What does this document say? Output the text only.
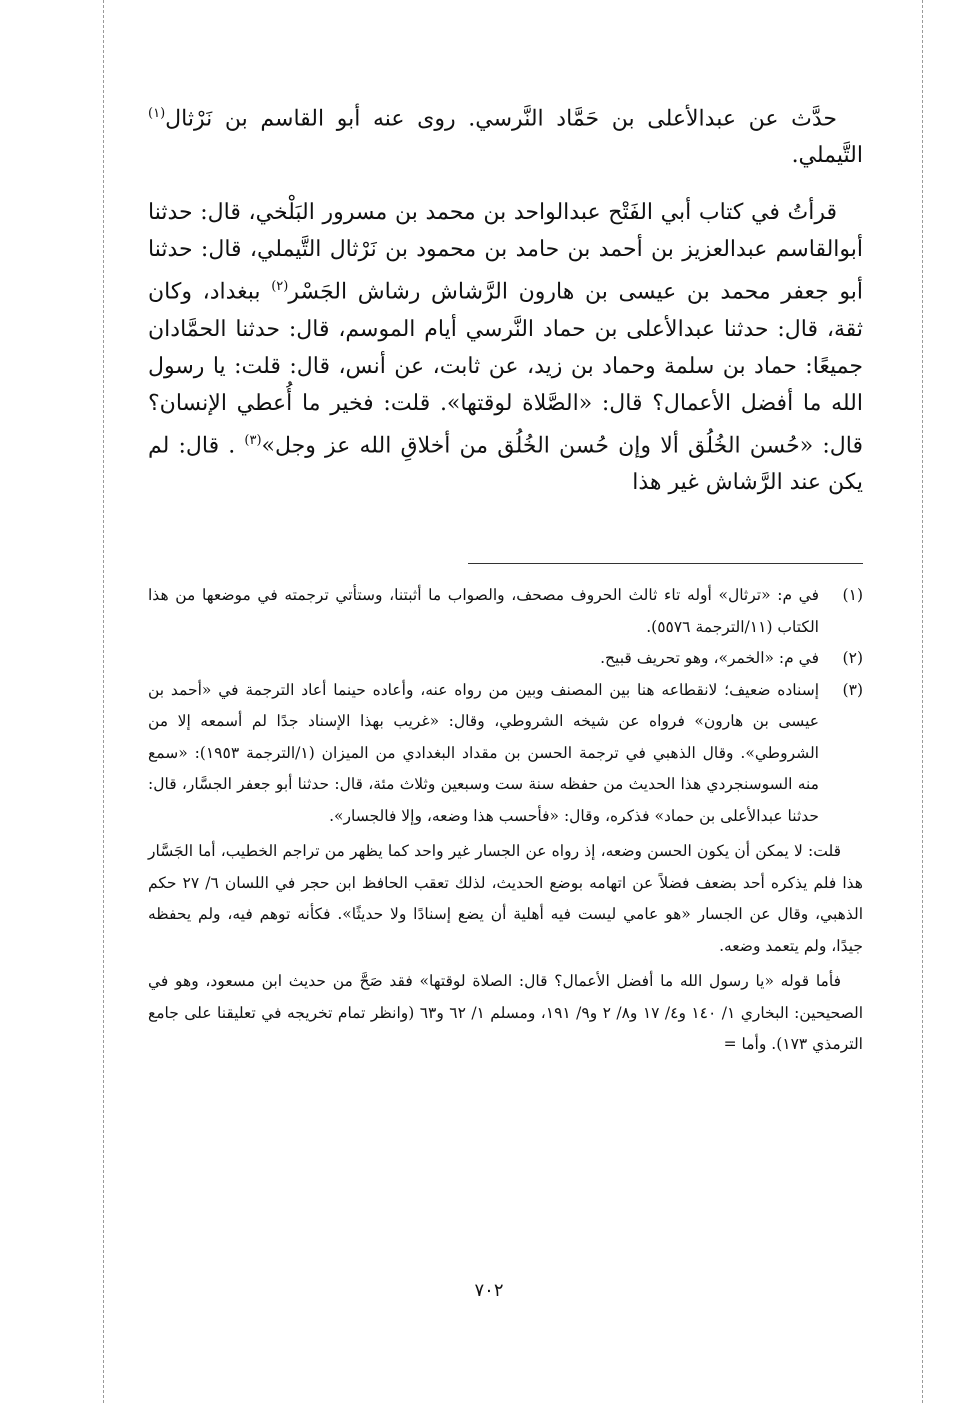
حدَّث عن عبدالأعلى بن حَمَّاد النَّرسي. روى عنه أبو القاسم بن نَرْثال$^{(١)}$ التَّيملي.

قرأتُ في كتاب أبي الفَتْح عبدالواحد بن محمد بن مسرور البَلْخي، قال: حدثنا أبوالقاسم عبدالعزيز بن أحمد بن حامد بن محمود بن نَرْثال التَّيملي، قال: حدثنا أبو جعفر محمد بن عيسى بن هارون الرَّشاش رشاش الجَسْر$^{(٢)}$ ببغداد، وكان ثقة، قال: حدثنا عبدالأعلى بن حماد النَّرسي أيام الموسم، قال: حدثنا الحمَّادان جميعًا: حماد بن سلمة وحماد بن زيد، عن ثابت، عن أنس، قال: قلت: يا رسول الله ما أفضل الأعمال؟ قال: «الصَّلاة لوقتها». قلت: فخير ما أُعطي الإنسان؟ قال: «حُسن الخُلُق ألا وإن حُسن الخُلُق من أخلاقِ الله عز وجل»$^{(٣)}$ . قال: لم يكن عند الرَّشاش غير هذا

(١)
في م: «ترثال» أوله تاء ثالث الحروف مصحف، والصواب ما أثبتنا، وستأتي ترجمته في موضعها من هذا الكتاب (١١/الترجمة ٥٥٧٦).
(٢)
في م: «الخمر»، وهو تحريف قبيح.
(٣)
إسناده ضعيف؛ لانقطاعه هنا بين المصنف وبين من رواه عنه، وأعاده حينما أعاد الترجمة في «أحمد بن عيسى بن هارون» فرواه عن شيخه الشروطي، وقال: «غريب بهذا الإسناد جدًا لم أسمعه إلا من الشروطي». وقال الذهبي في ترجمة الحسن بن مقداد البغدادي من الميزان (١/الترجمة ١٩٥٣): «سمع منه السوسنجردي هذا الحديث من حفظه سنة ست وسبعين وثلاث مئة، قال: حدثنا أبو جعفر الجسَّار، قال: حدثنا عبدالأعلى بن حماد» فذكره، وقال: «فأحسب هذا وضعه، وإلا فالجسار».
قلت: لا يمكن أن يكون الحسن وضعه، إذ رواه عن الجسار غير واحد كما يظهر من تراجم الخطيب، أما الجَسَّار هذا فلم يذكره أحد بضعف فضلاً عن اتهامه بوضع الحديث، لذلك تعقب الحافظ ابن حجر في اللسان ٦/ ٢٧ حكم الذهبي، وقال عن الجسار «هو عامي ليست فيه أهلية أن يضع إسنادًا ولا حديثًا». فكأنه توهم فيه، ولم يحفظه جيدًا، ولم يتعمد وضعه.
فأما قوله «يا رسول الله ما أفضل الأعمال؟ قال: الصلاة لوقتها» فقد صَحَّ من حديث ابن مسعود، وهو في الصحيحين: البخاري ١/ ١٤٠ و٤/ ١٧ و٨/ ٢ و٩/ ١٩١، ومسلم ١/ ٦٢ و٦٣ (وانظر تمام تخريجه في تعليقنا على جامع الترمذي ١٧٣). وأما =
٧٠٢
